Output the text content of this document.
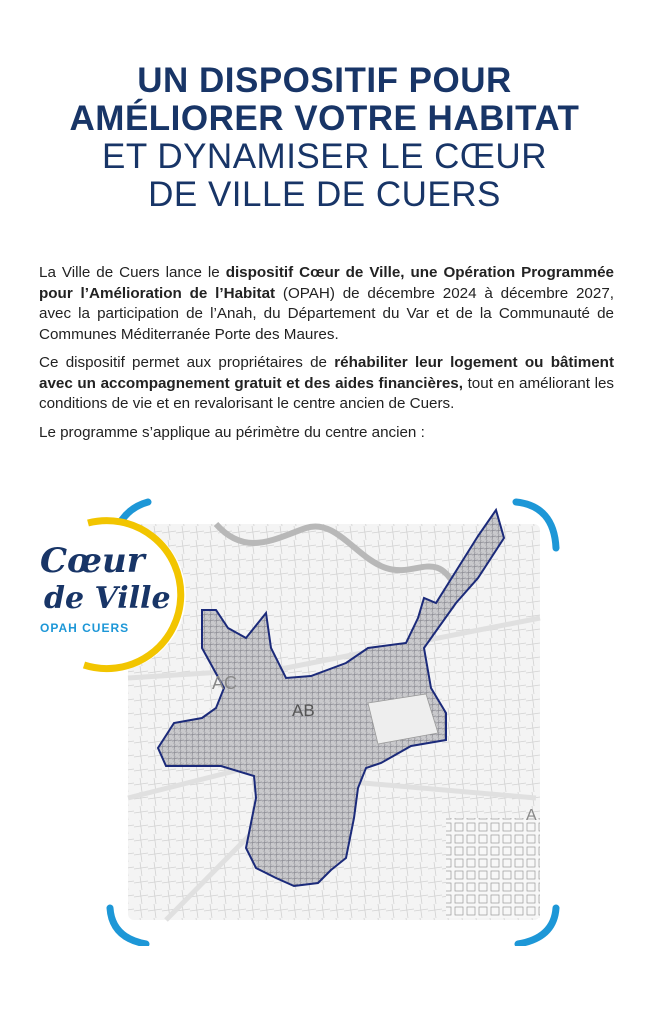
UN DISPOSITIF POUR
AMÉLIORER VOTRE HABITAT
ET DYNAMISER LE CŒUR
DE VILLE DE CUERS

La Ville de Cuers lance le dispositif Cœur de Ville, une Opération Programmée pour l’Amélioration de l’Habitat (OPAH) de décembre 2024 à décembre 2027, avec la participation de l’Anah, du Département du Var et de la Communauté de Communes Méditerranée Porte des Maures.

Ce dispositif permet aux propriétaires de réhabiliter leur logement ou bâtiment avec un accompagnement gratuit et des aides financières, tout en améliorant les conditions de vie et en revalorisant le centre ancien de Cuers.

Le programme s’applique au périmètre du centre ancien :

AB
AC
A
Cœur
de Ville
OPAH CUERS
